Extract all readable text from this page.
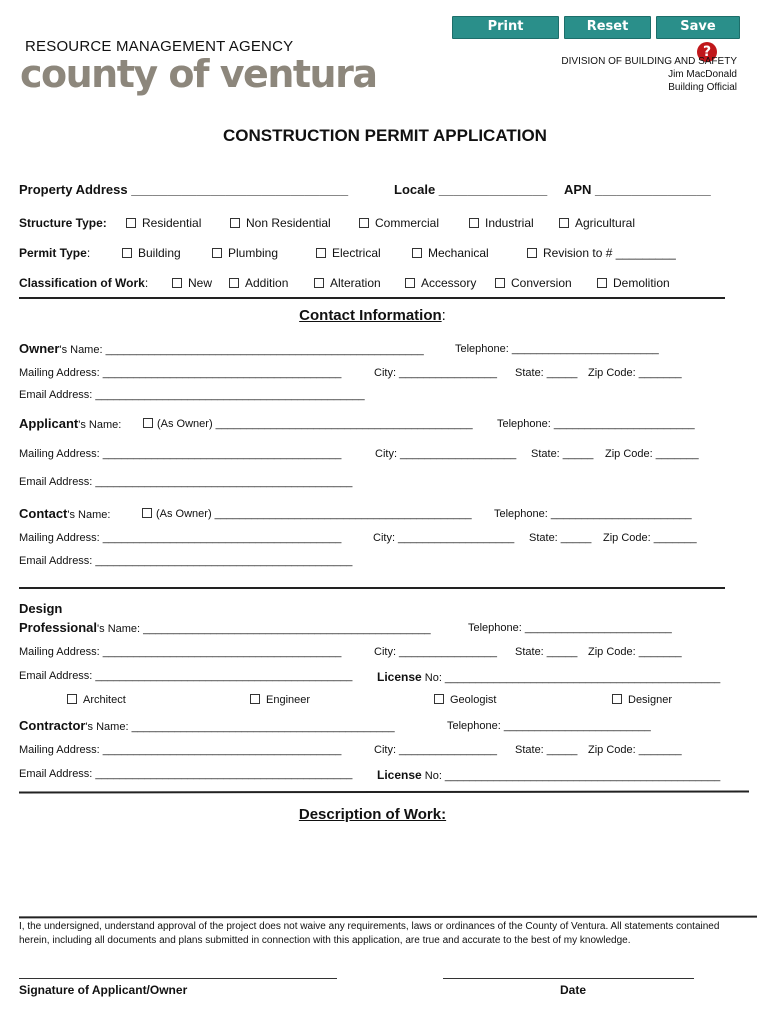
Print	Reset	Save
?
RESOURCE MANAGEMENT AGENCY
county of ventura	DIVISION OF BUILDING AND SAFETY
Jim MacDonald
Building Official
CONSTRUCTION PERMIT APPLICATION
Property Address ______________________________	Locale _______________ APN ________________
Structure Type:	Residential	Non Residential	Commercial	Industrial	Agricultural
Permit Type:	Building	Plumbing	Electrical	Mechanical	Revision to # _________
Classification of Work:	New	Addition	Alteration	Accessory	Conversion	Demolition
Contact Information:
Owner's Name: ____________________________________________________	Telephone: ________________________
Mailing Address: _______________________________________	City: ________________ State: _____ Zip Code: _______
Email Address: ____________________________________________
Applicant's Name:	(As Owner) __________________________________________ Telephone: _______________________
Mailing Address: _______________________________________	City: ___________________ State: _____ Zip Code: _______
Email Address: __________________________________________
Contact's Name:	(As Owner) __________________________________________ Telephone: _______________________
Mailing Address: _______________________________________	City: ___________________ State: _____ Zip Code: _______
Email Address: __________________________________________
Design
Professional's Name: _______________________________________________	Telephone: ________________________
Mailing Address: _______________________________________	City: ________________ State: _____ Zip Code: _______
Email Address: __________________________________________ License No: _____________________________________________
Architect	Engineer	Geologist	Designer
Contractor's Name: ___________________________________________	Telephone: ________________________
Mailing Address: _______________________________________	City: ________________ State: _____ Zip Code: _______
Email Address: __________________________________________ License No: _____________________________________________
Description of Work:
I, the undersigned, understand approval of the project does not waive any requirements, laws or ordinances of the County of Ventura. All statements contained herein, including all documents and plans submitted in connection with this application, are true and accurate to the best of my knowledge.
Signature of Applicant/Owner	Date
